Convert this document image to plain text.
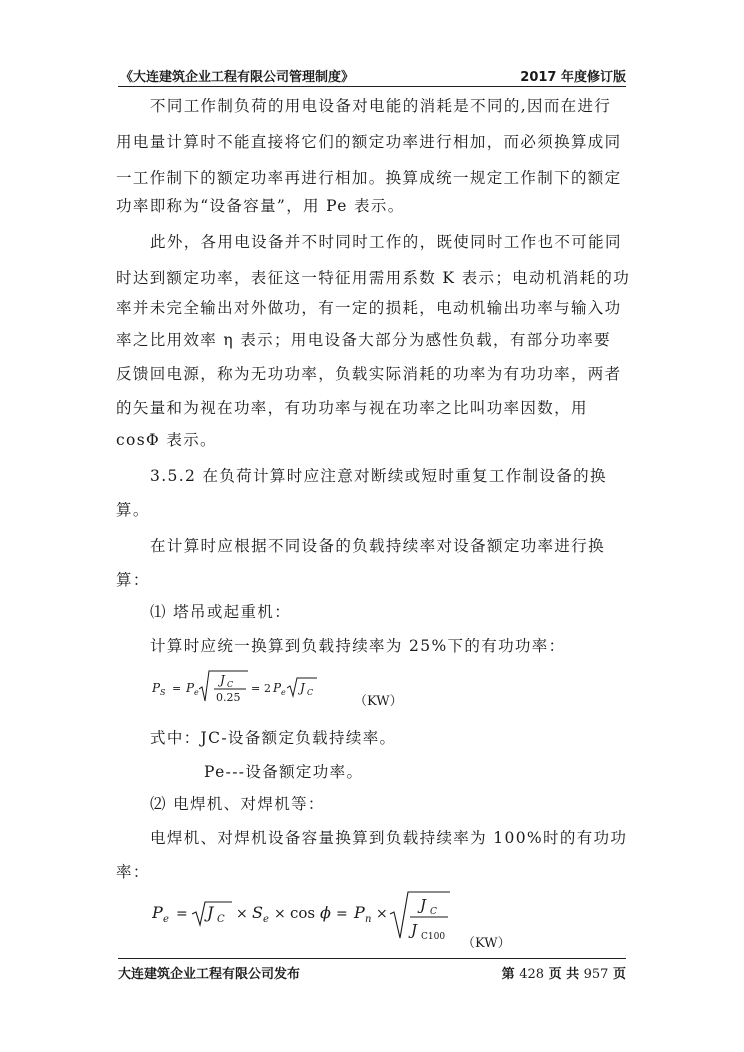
《大连建筑企业工程有限公司管理制度》	2017 年度修订版
不同工作制负荷的用电设备对电能的消耗是不同的,因而在进行
用电量计算时不能直接将它们的额定功率进行相加，而必须换算成同
一工作制下的额定功率再进行相加。换算成统一规定工作制下的额定
功率即称为“设备容量”，用 Pe 表示。
此外，各用电设备并不时同时工作的，既使同时工作也不可能同
时达到额定功率，表征这一特征用需用系数 K 表示；电动机消耗的功
率并未完全输出对外做功，有一定的损耗，电动机输出功率与输入功
率之比用效率 η 表示；用电设备大部分为感性负载，有部分功率要
反馈回电源，称为无功功率，负载实际消耗的功率为有功功率，两者
的矢量和为视在功率，有功功率与视在功率之比叫功率因数，用
cosΦ 表示。
3.5.2 在负荷计算时应注意对断续或短时重复工作制设备的换
算。
在计算时应根据不同设备的负载持续率对设备额定功率进行换
算：
⑴ 塔吊或起重机：
计算时应统一换算到负载持续率为 25%下的有功功率：
P S = P e
J C
0.25
= 2 P e J C
（KW）
式中：JC-设备额定负载持续率。
Pe---设备额定功率。
⑵ 电焊机、对焊机等：
电焊机、对焊机设备容量换算到负载持续率为 100%时的有功功
率：
P e = J C × S e × cos ϕ = P n × J C
J C100 （KW）
大连建筑企业工程有限公司发布	第 428 页 共 957 页
